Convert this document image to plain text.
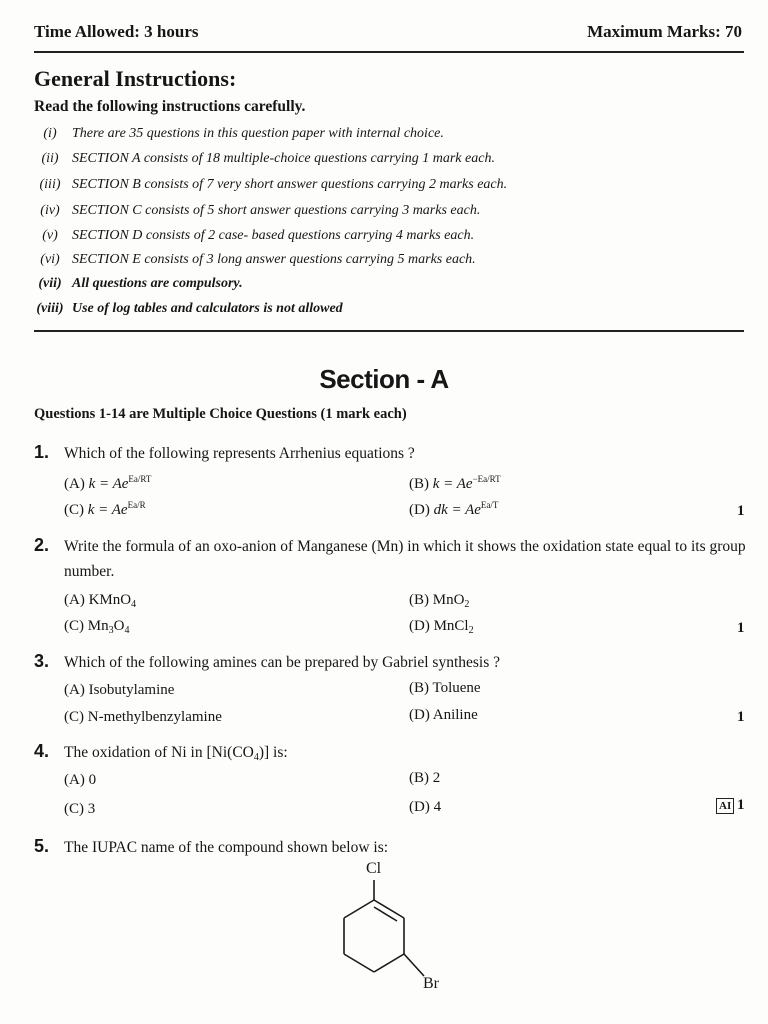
Time Allowed: 3 hours	Maximum Marks: 70
General Instructions:
Read the following instructions carefully.
(i)	There are 35 questions in this question paper with internal choice.
(ii) SECTION A consists of 18 multiple-choice questions carrying 1 mark each.
(iii) SECTION B consists of 7 very short answer questions carrying 2 marks each.
(iv) SECTION C consists of 5 short answer questions carrying 3 marks each.
(v)	SECTION D consists of 2 case- based questions carrying 4 marks each.
(vi) SECTION E consists of 3 long answer questions carrying 5 marks each.
(vii) All questions are compulsory.
(viii) Use of log tables and calculators is not allowed
Section - A
Questions 1-14 are Multiple Choice Questions (1 mark each)
1. Which of the following represents Arrhenius equations ?
(A) $k = Ae^{Ea/RT}$	(B) $k = Ae^{-Ea/RT}$
(C) $k = Ae^{Ea/R}$	(D) dk = $Ae^{Ea/T}$	1
2. Write the formula of an oxo-anion of Manganese (Mn) in which it shows the oxidation state equal to its group
number.
(A) KMnO$_4$	(B) MnO$_2$
(C) $Mn_3O_4$	(D) MnCl$_2$	1
3. Which of the following amines can be prepared by Gabriel synthesis ?
(A) Isobutylamine	(B) Toluene
(C) N-methylbenzylamine	(D) Aniline	1
4. The oxidation of Ni in $[Ni(CO_4)]$ is:
(A) 0	(B) 2
(C) 3	(D) 4	AI 1
5. The IUPAC name of the compound shown below is:
Cl
Br
